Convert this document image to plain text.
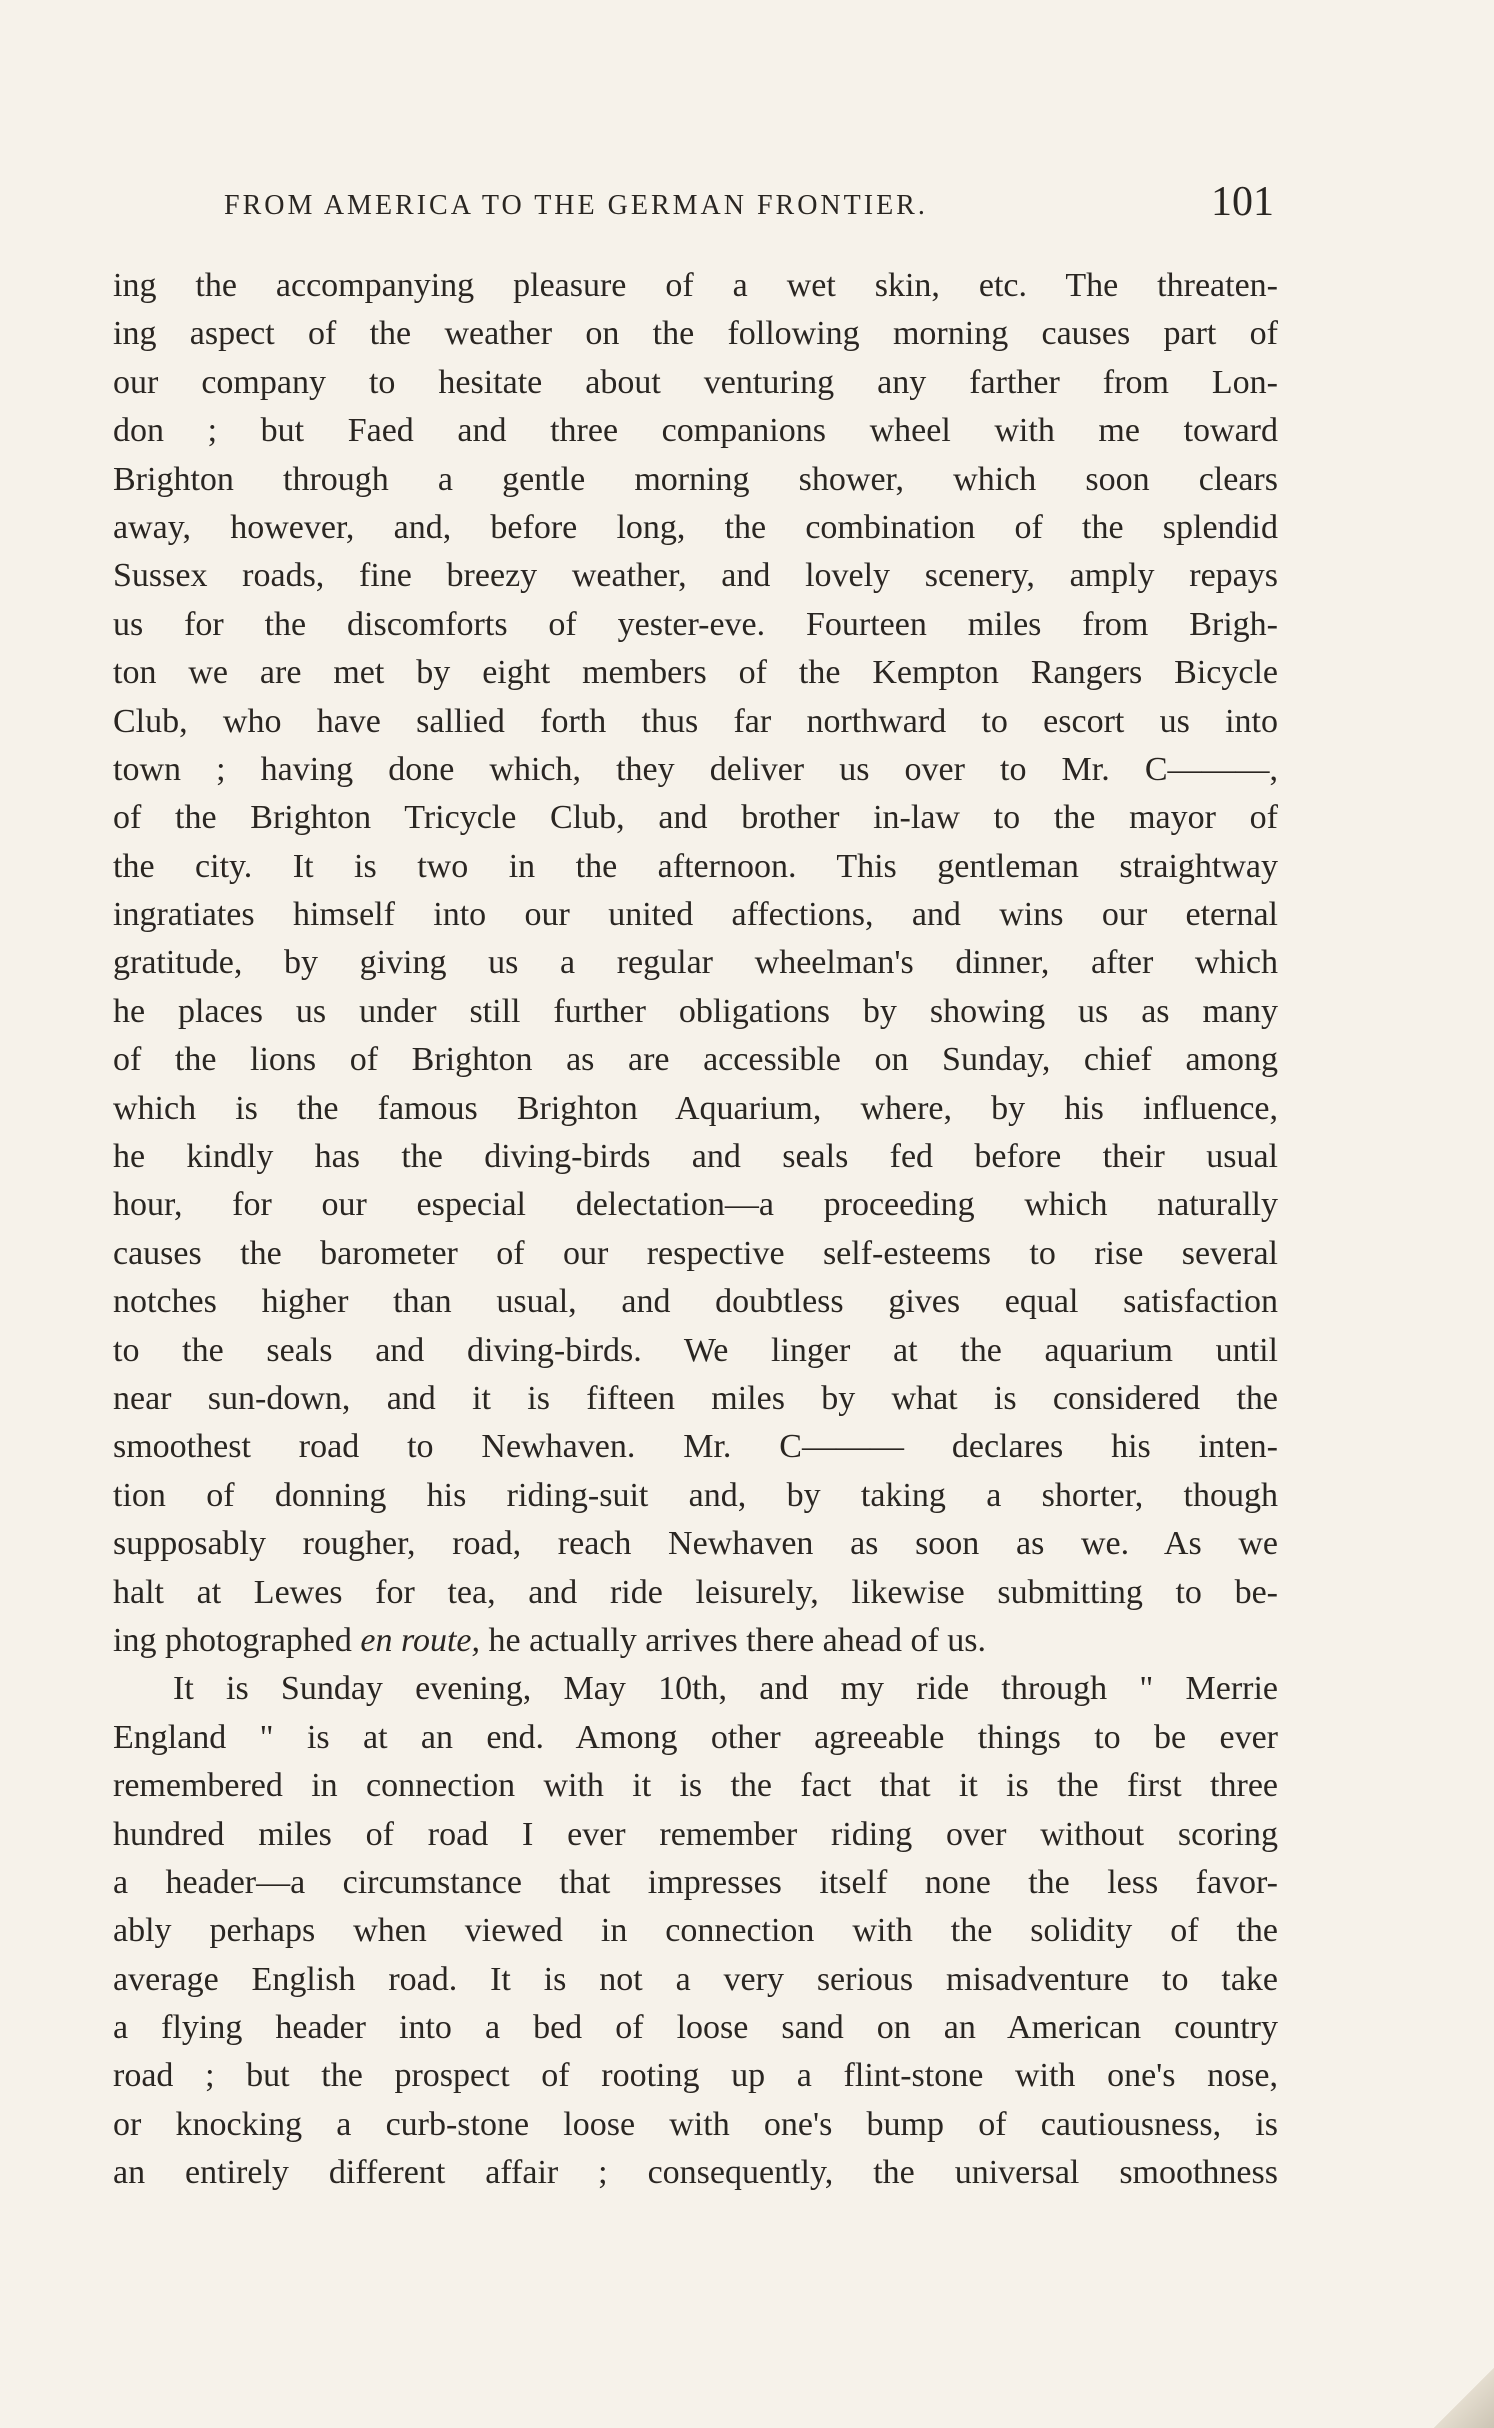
FROM AMERICA TO THE GERMAN FRONTIER.	101
ing the accompanying pleasure of a wet skin, etc. The threaten-
ing aspect of the weather on the following morning causes part of
our company to hesitate about venturing any farther from Lon-
don ; but Faed and three companions wheel with me toward
Brighton through a gentle morning shower, which soon clears
away, however, and, before long, the combination of the splendid
Sussex roads, fine breezy weather, and lovely scenery, amply repays
us for the discomforts of yester-eve. Fourteen miles from Brigh-
ton we are met by eight members of the Kempton Rangers Bicycle
Club, who have sallied forth thus far northward to escort us into
town ; having done which, they deliver us over to Mr. C———,
of the Brighton Tricycle Club, and brother in-law to the mayor of
the city. It is two in the afternoon. This gentleman straightway
ingratiates himself into our united affections, and wins our eternal
gratitude, by giving us a regular wheelman's dinner, after which
he places us under still further obligations by showing us as many
of the lions of Brighton as are accessible on Sunday, chief among
which is the famous Brighton Aquarium, where, by his influence,
he kindly has the diving-birds and seals fed before their usual
hour, for our especial delectation—a proceeding which naturally
causes the barometer of our respective self-esteems to rise several
notches higher than usual, and doubtless gives equal satisfaction
to the seals and diving-birds. We linger at the aquarium until
near sun-down, and it is fifteen miles by what is considered the
smoothest road to Newhaven. Mr. C——— declares his inten-
tion of donning his riding-suit and, by taking a shorter, though
supposably rougher, road, reach Newhaven as soon as we. As we
halt at Lewes for tea, and ride leisurely, likewise submitting to be-
ing photographed en route, he actually arrives there ahead of us.
It is Sunday evening, May 10th, and my ride through " Merrie
England " is at an end. Among other agreeable things to be ever
remembered in connection with it is the fact that it is the first three
hundred miles of road I ever remember riding over without scoring
a header—a circumstance that impresses itself none the less favor-
ably perhaps when viewed in connection with the solidity of the
average English road. It is not a very serious misadventure to take
a flying header into a bed of loose sand on an American country
road ; but the prospect of rooting up a flint-stone with one's nose,
or knocking a curb-stone loose with one's bump of cautiousness, is
an entirely different affair ; consequently, the universal smoothness
